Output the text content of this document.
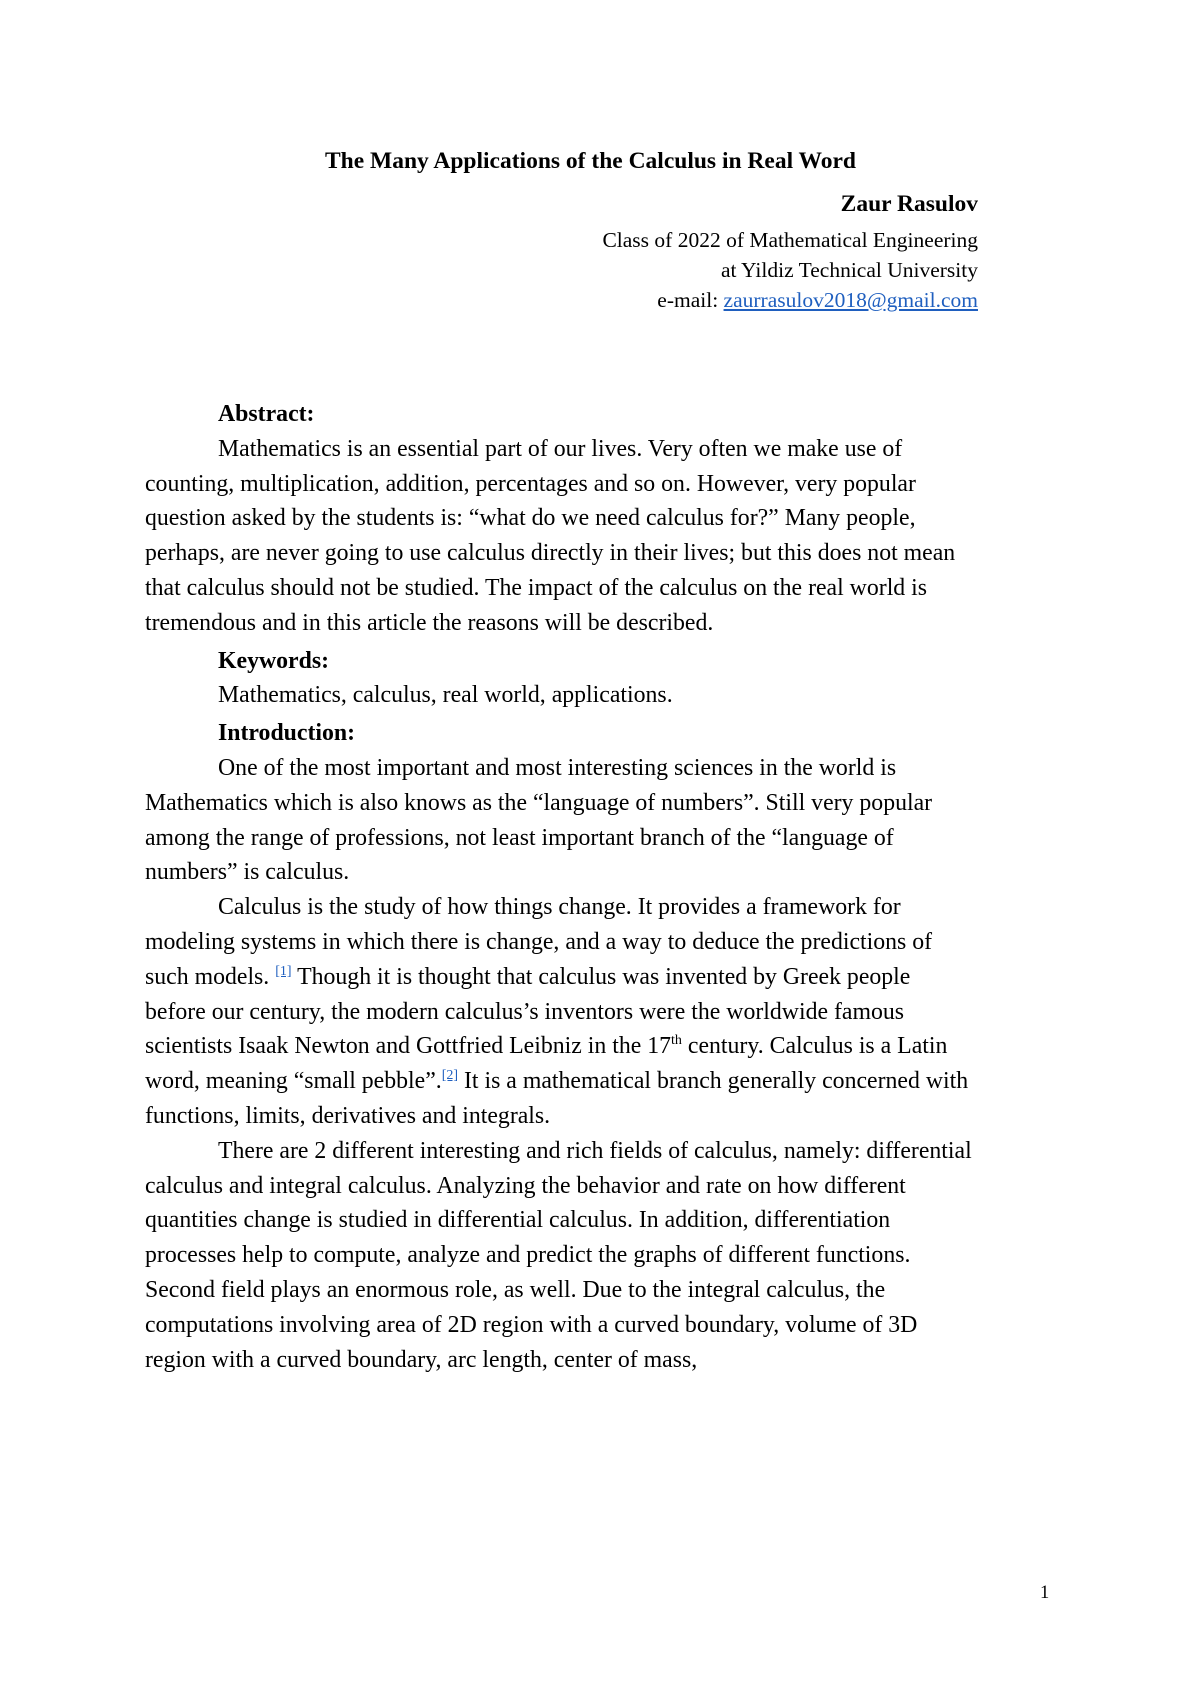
The Many Applications of the Calculus in Real Word
Zaur Rasulov
Class of 2022 of Mathematical Engineering
at Yildiz Technical University
e-mail: zaurrasulov2018@gmail.com
Abstract:

Mathematics is an essential part of our lives. Very often we make use of counting, multiplication, addition, percentages and so on. However, very popular question asked by the students is: “what do we need calculus for?” Many people, perhaps, are never going to use calculus directly in their lives; but this does not mean that calculus should not be studied. The impact of the calculus on the real world is tremendous and in this article the reasons will be described.

Keywords:

Mathematics, calculus, real world, applications.

Introduction:

One of the most important and most interesting sciences in the world is Mathematics which is also knows as the “language of numbers”. Still very popular among the range of professions, not least important branch of the “language of numbers” is calculus.

Calculus is the study of how things change. It provides a framework for modeling systems in which there is change, and a way to deduce the predictions of such models. [1] Though it is thought that calculus was invented by Greek people before our century, the modern calculus’s inventors were the worldwide famous scientists Isaak Newton and Gottfried Leibniz in the 17th century. Calculus is a Latin word, meaning “small pebble”.[2] It is a mathematical branch generally concerned with functions, limits, derivatives and integrals.

There are 2 different interesting and rich fields of calculus, namely: differential calculus and integral calculus. Analyzing the behavior and rate on how different quantities change is studied in differential calculus. In addition, differentiation processes help to compute, analyze and predict the graphs of different functions. Second field plays an enormous role, as well. Due to the integral calculus, the computations involving area of 2D region with a curved boundary, volume of 3D region with a curved boundary, arc length, center of mass,

1
